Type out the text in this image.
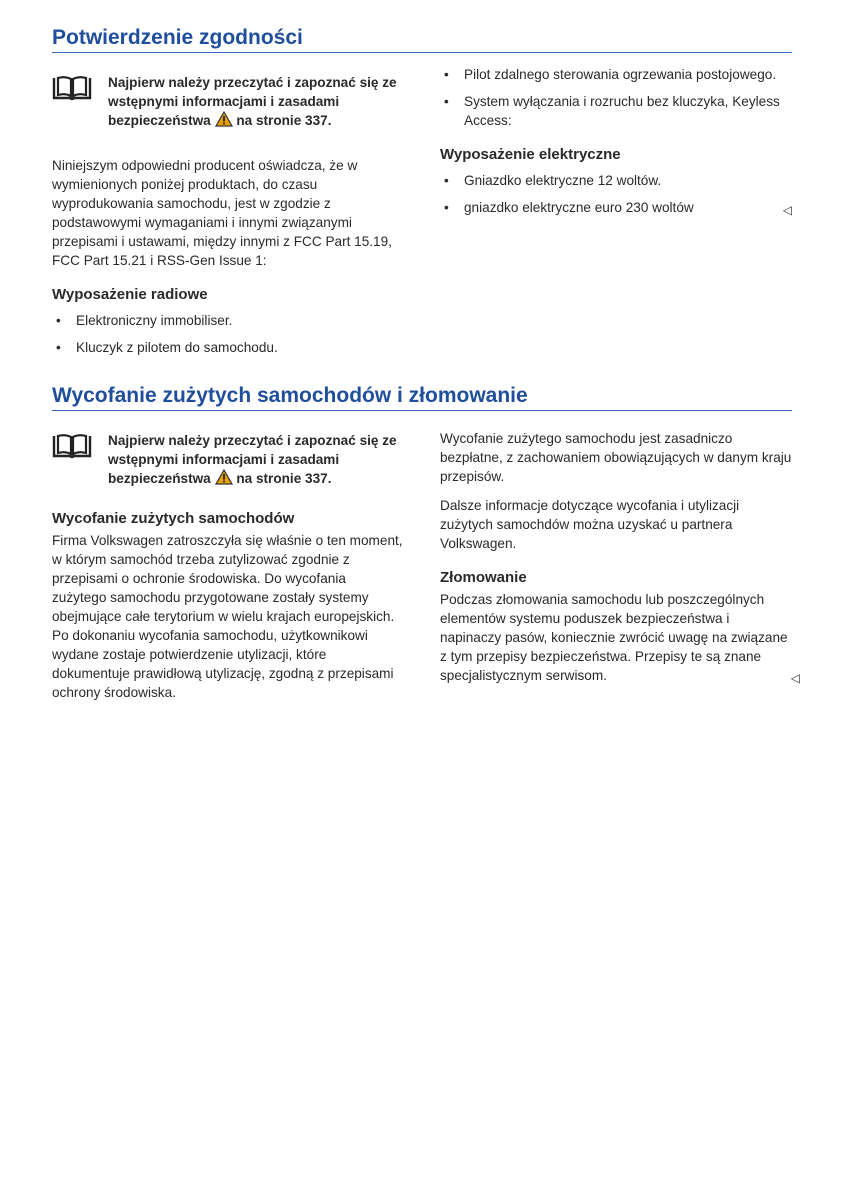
Potwierdzenie zgodności
Najpierw należy przeczytać i zapoznać się ze wstępnymi informacjami i zasadami bezpieczeństwa na stronie 337.

Niniejszym odpowiedni producent oświadcza, że w wymienionych poniżej produktach, do czasu wyprodukowania samochodu, jest w zgodzie z podstawowymi wymaganiami i innymi związanymi przepisami i ustawami, między innymi z FCC Part 15.19, FCC Part 15.21 i RSS-Gen Issue 1:

Wyposażenie radiowe
• Elektroniczny immobiliser.
• Kluczyk z pilotem do samochodu.
• Pilot zdalnego sterowania ogrzewania postojowego.
• System wyłączania i rozruchu bez kluczyka, Keyless Access:
Wyposażenie elektryczne
• Gniazdko elektryczne 12 woltów.
• gniazdko elektryczne euro 230 woltów	◁
Wycofanie zużytych samochodów i złomowanie
Najpierw należy przeczytać i zapoznać się ze wstępnymi informacjami i zasadami bezpieczeństwa na stronie 337.
Wycofanie zużytych samochodów

Firma Volkswagen zatroszczyła się właśnie o ten moment, w którym samochód trzeba zutylizować zgodnie z przepisami o ochronie środowiska. Do wycofania zużytego samochodu przygotowane zostały systemy obejmujące całe terytorium w wielu krajach europejskich. Po dokonaniu wycofania samochodu, użytkownikowi wydane zostaje potwierdzenie utylizacji, które dokumentuje prawidłową utylizację, zgodną z przepisami ochrony środowiska.

Wycofanie zużytego samochodu jest zasadniczo bezpłatne, z zachowaniem obowiązujących w danym kraju przepisów.

Dalsze informacje dotyczące wycofania i utylizacji zużytych samochdów można uzyskać u partnera Volkswagen.

Złomowanie

Podczas złomowania samochodu lub poszczególnych elementów systemu poduszek bezpieczeństwa i napinaczy pasów, koniecznie zwrócić uwagę na związane z tym przepisy bezpieczeństwa. Przepisy te są znane specjalistycznym serwisom.	◁
